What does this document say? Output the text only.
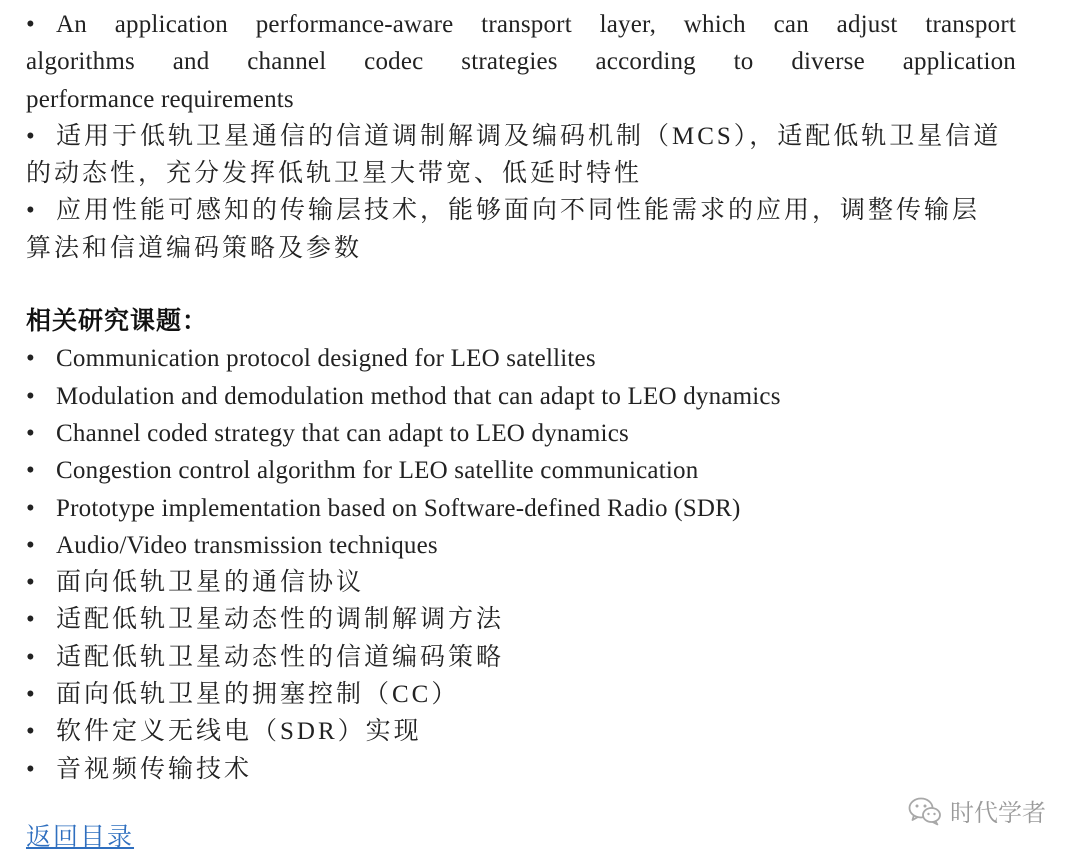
• An application performance-aware transport layer, which can adjust transport
algorithms and channel codec strategies according to diverse application
performance requirements
• 适用于低轨卫星通信的信道调制解调及编码机制（MCS），适配低轨卫星信道
的动态性，充分发挥低轨卫星大带宽、低延时特性
• 应用性能可感知的传输层技术，能够面向不同性能需求的应用，调整传输层
算法和信道编码策略及参数
相关研究课题：
• Communication protocol designed for LEO satellites
• Modulation and demodulation method that can adapt to LEO dynamics
• Channel coded strategy that can adapt to LEO dynamics
• Congestion control algorithm for LEO satellite communication
• Prototype implementation based on Software-defined Radio (SDR)
• Audio/Video transmission techniques
• 面向低轨卫星的通信协议
• 适配低轨卫星动态性的调制解调方法
• 适配低轨卫星动态性的信道编码策略
• 面向低轨卫星的拥塞控制（CC）
• 软件定义无线电（SDR）实现
• 音视频传输技术
返回目录
时代学者
